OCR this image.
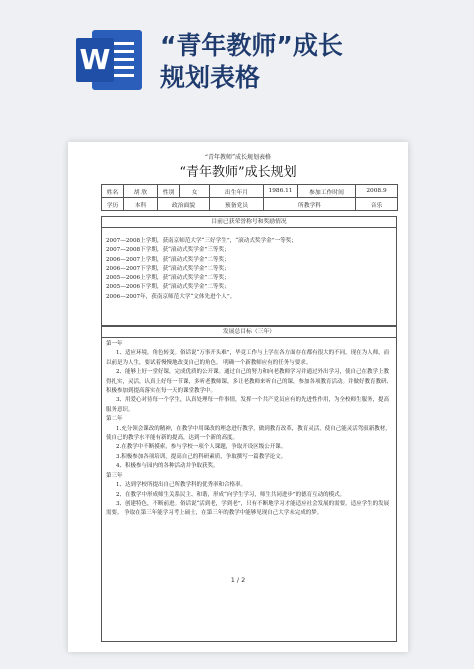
W “青年教师”成长
规划表格
“青年教师”成长规划表格
“青年教师”成长规划
姓名	胡 欣	性别	女	出生年月	1986.11	参加工作时间	2008.9
学历	本科	政治面貌		预备党员	所教学科		音乐
目前已获荣誉称号和奖励情况
2007—2008上学期，获南京师范大学“三好学生”，“滚动式奖学金”一等奖；
2007—2008下学期，获“滚动式奖学金”三等奖；
2006—2007上学期，获“滚动式奖学金”二等奖；
2006—2007下学期，获“滚动式奖学金”二等奖；
2005—2006上学期，获“滚动式奖学金”二等奖；
2005—2006下学期，获“滚动式奖学金”二等奖；
2006—2007年，获南京师范大学“文体先进个人”。
发展总目标（三年）

第一年

1、适应环境，角色转变。俗话说“万事开头难”，毕竟工作与上学在各方面存在都有很大的不同，现在为人师，而以前是为人生，要试着慢慢地改变自己的角色。 明确一个新教师应有的任务与要求。

2、能够上好一堂好课，完成优质的公开课。通过自己的努力和向老教师学习并通过外出学习，使自己在教学上教得扎实，灵活，认真上好每一节课，多听老教师课，多让老教师来听自己的课，参加各项教育活动。并做好教育教研、积极参加到提高落实在每一天的课堂教学中。

3、用爱心对待每一个学生，认真处理每一件事情，发挥一个共产党员应有的先进性作用，为全校师生服务，提高服务意识。

第二年

1.充分领会课改的精神，在教学中用课改的理念进行教学，做到教育改革，教育灵活，使自己能灵活驾驭新教材，使自己的教学水平能有新的提高，达到一个新的高度。

2.在教学中不断摸索，参与学校一项个人课题，争取开设区级公开课。

3.积极参加各项培训，提高自己的科研素质，争取撰写一篇教学论文。

4、积极参与园内的各种活动并争取获奖。

第三年

1、达到学校所提出自己所教学科的优秀率和合格率。

2、在教学中形成师生关系民主、和谐，形成“向学生学习，师生共同进步”的德育互动的模式。

3、创建特色，不断前进。俗话说“活到老，学到老”，只有不断地学习才能适应社会发展的需要，适应学生的发展需要。 争取在第三年能学习考上硕士，在第三年的教学中能够见现自己大学未完成的梦。

1 / 2
